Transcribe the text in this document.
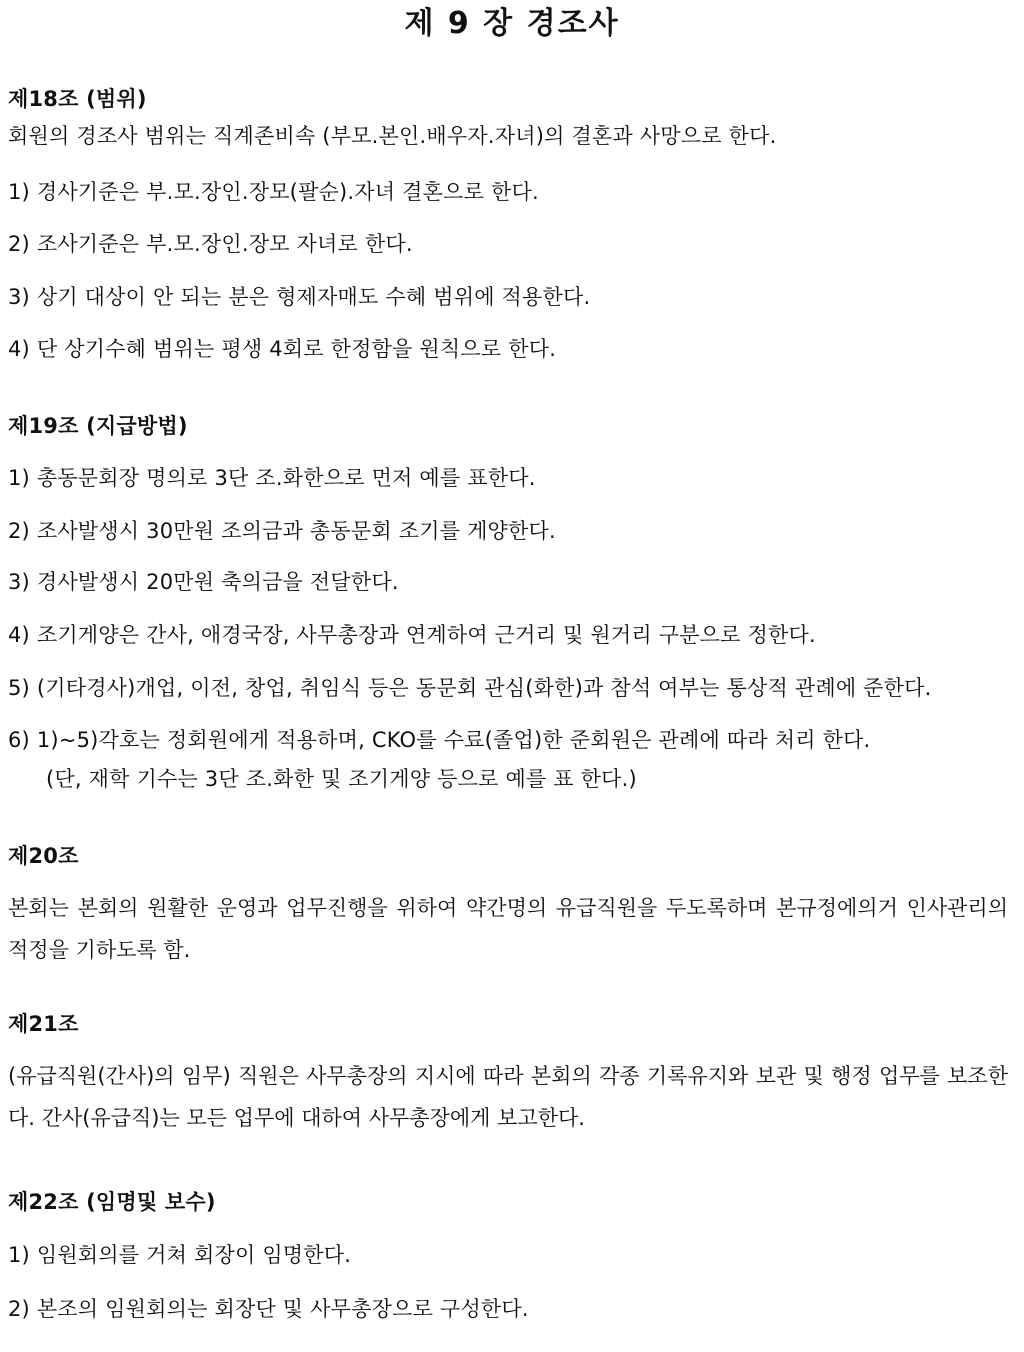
제 9 장 경조사
제18조 (범위)
회원의 경조사 범위는 직계존비속 (부모.본인.배우자.자녀)의 결혼과 사망으로 한다.
1) 경사기준은 부.모.장인.장모(팔순).자녀 결혼으로 한다.
2) 조사기준은 부.모.장인.장모 자녀로 한다.
3) 상기 대상이 안 되는 분은 형제자매도 수혜 범위에 적용한다.
4) 단 상기수혜 범위는 평생 4회로 한정함을 원칙으로 한다.
제19조 (지급방법)
1) 총동문회장 명의로 3단 조.화한으로 먼저 예를 표한다.
2) 조사발생시 30만원 조의금과 총동문회 조기를 게양한다.
3) 경사발생시 20만원 축의금을 전달한다.
4) 조기게양은 간사, 애경국장, 사무총장과 연계하여 근거리 및 원거리 구분으로 정한다.
5) (기타경사)개업, 이전, 창업, 취임식 등은 동문회 관심(화한)과 참석 여부는 통상적 관례에 준한다.
6) 1)~5)각호는 정회원에게 적용하며, CKO를 수료(졸업)한 준회원은 관례에 따라 처리 한다.
(단, 재학 기수는 3단 조.화한 및 조기게양 등으로 예를 표 한다.)
제20조
본회는 본회의 원활한 운영과 업무진행을 위하여 약간명의 유급직원을 두도록하며 본규정에의거 인사관리의 적정을 기하도록 함.
제21조
(유급직원(간사)의 임무) 직원은 사무총장의 지시에 따라 본회의 각종 기록유지와 보관 및 행정 업무를 보조한다. 간사(유급직)는 모든 업무에 대하여 사무총장에게 보고한다.
제22조 (임명및 보수)
1) 임원회의를 거쳐 회장이 임명한다.
2) 본조의 임원회의는 회장단 및 사무총장으로 구성한다.
